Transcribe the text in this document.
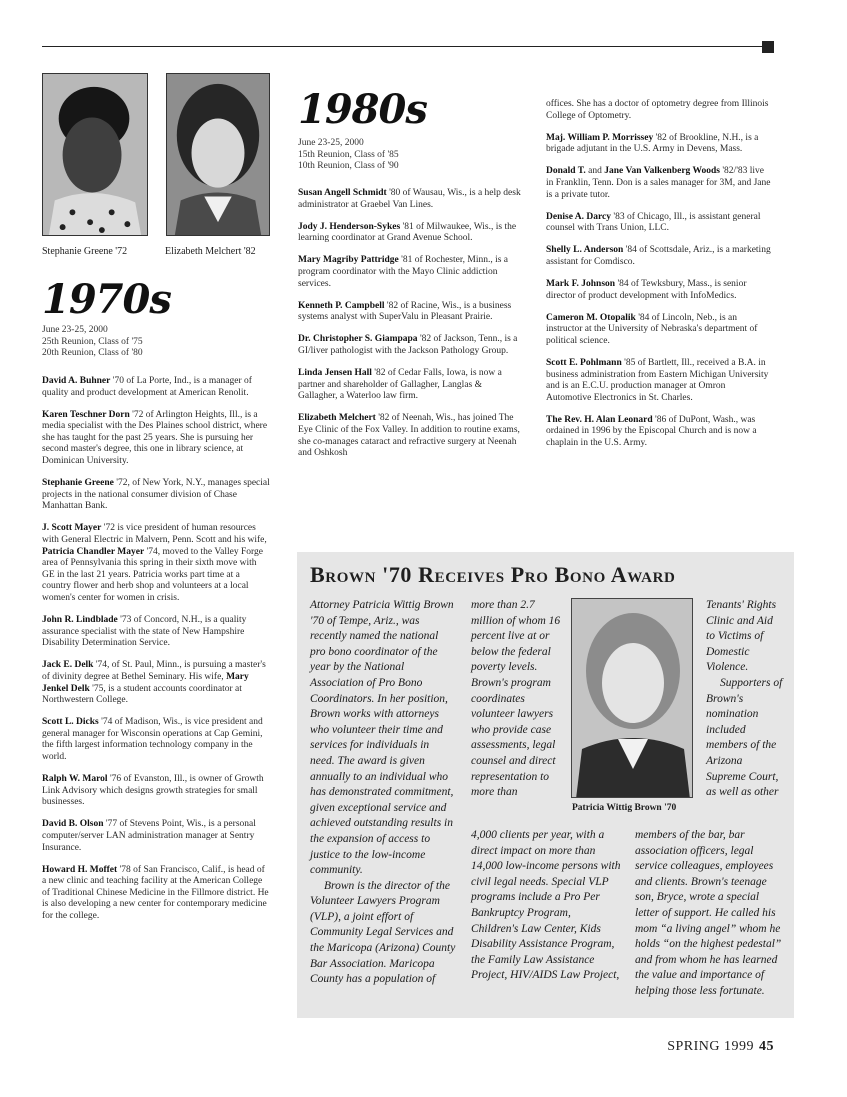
Stephanie Greene '72	Elizabeth Melchert '82
1970s
June 23-25, 2000
25th Reunion, Class of '75
20th Reunion, Class of '80

David A. Buhner '70 of La Porte, Ind., is a manager of quality and product development at American Renolit.

Karen Teschner Dorn '72 of Arlington Heights, Ill., is a media specialist with the Des Plaines school district, where she has taught for the past 25 years. She is pursuing her second master's degree, this one in library science, at Dominican University.

Stephanie Greene '72, of New York, N.Y., manages special projects in the national consumer division of Chase Manhattan Bank.

J. Scott Mayer '72 is vice president of human resources with General Electric in Malvern, Penn. Scott and his wife, Patricia Chandler Mayer '74, moved to the Valley Forge area of Pennsylvania this spring in their sixth move with GE in the last 21 years. Patricia works part time at a country flower and herb shop and volunteers at a local women's center for women in crisis.

John R. Lindblade '73 of Concord, N.H., is a quality assurance specialist with the state of New Hampshire Disability Determination Service.

Jack E. Delk '74, of St. Paul, Minn., is pursuing a master's of divinity degree at Bethel Seminary. His wife, Mary Jenkel Delk '75, is a student accounts coordinator at Northwestern College.

Scott L. Dicks '74 of Madison, Wis., is vice president and general manager for Wisconsin operations at Cap Gemini, the fifth largest information technology company in the world.

Ralph W. Marol '76 of Evanston, Ill., is owner of Growth Link Advisory which designs growth strategies for small businesses.

David B. Olson '77 of Stevens Point, Wis., is a personal computer/server LAN administration manager at Sentry Insurance.

Howard H. Moffet '78 of San Francisco, Calif., is head of a new clinic and teaching facility at the American College of Traditional Chinese Medicine in the Fillmore district. He is also developing a new center for contemporary medicine for the college.

1980s
June 23-25, 2000
15th Reunion, Class of '85
10th Reunion, Class of '90

Susan Angell Schmidt '80 of Wausau, Wis., is a help desk administrator at Graebel Van Lines.

Jody J. Henderson-Sykes '81 of Milwaukee, Wis., is the learning coordinator at Grand Avenue School.

Mary Magriby Pattridge '81 of Rochester, Minn., is a program coordinator with the Mayo Clinic addiction services.

Kenneth P. Campbell '82 of Racine, Wis., is a business systems analyst with SuperValu in Pleasant Prairie.

Dr. Christopher S. Giampapa '82 of Jackson, Tenn., is a GI/liver pathologist with the Jackson Pathology Group.

Linda Jensen Hall '82 of Cedar Falls, Iowa, is now a partner and shareholder of Gallagher, Langlas & Gallagher, a Waterloo law firm.

Elizabeth Melchert '82 of Neenah, Wis., has joined The Eye Clinic of the Fox Valley. In addition to routine exams, she co-manages cataract and refractive surgery at Neenah and Oshkosh

offices. She has a doctor of optometry degree from Illinois College of Optometry.

Maj. William P. Morrissey '82 of Brookline, N.H., is a brigade adjutant in the U.S. Army in Devens, Mass.

Donald T. and Jane Van Valkenberg Woods '82/'83 live in Franklin, Tenn. Don is a sales manager for 3M, and Jane is a private tutor.

Denise A. Darcy '83 of Chicago, Ill., is assistant general counsel with Trans Union, LLC.

Shelly L. Anderson '84 of Scottsdale, Ariz., is a marketing assistant for Comdisco.

Mark F. Johnson '84 of Tewksbury, Mass., is senior director of product development with InfoMedics.

Cameron M. Otopalik '84 of Lincoln, Neb., is an instructor at the University of Nebraska's department of political science.

Scott E. Pohlmann '85 of Bartlett, Ill., received a B.A. in business administration from Eastern Michigan University and is an E.C.U. production manager at Omron Automotive Electronics in St. Charles.

The Rev. H. Alan Leonard '86 of DuPont, Wash., was ordained in 1996 by the Episcopal Church and is now a chaplain in the U.S. Army.

Brown '70 Receives Pro Bono Award

Attorney Patricia Wittig Brown '70 of Tempe, Ariz., was recently named the national pro bono coordinator of the year by the National Association of Pro Bono Coordinators. In her position, Brown works with attorneys who volunteer their time and services for individuals in need. The award is given annually to an individual who has demonstrated commitment, given exceptional service and achieved outstanding results in the expansion of access to justice to the low-income community.

Brown is the director of the Volunteer Lawyers Program (VLP), a joint effort of Community Legal Services and the Maricopa (Arizona) County Bar Association. Maricopa County has a population of

more than 2.7 million of whom 16 percent live at or below the federal poverty levels. Brown's program coordinates volunteer lawyers who provide case assessments, legal counsel and direct representation to more than

4,000 clients per year, with a direct impact on more than 14,000 low-income persons with civil legal needs. Special VLP programs include a Pro Per Bankruptcy Program, Children's Law Center, Kids Disability Assistance Program, the Family Law Assistance Project, HIV/AIDS Law Project,

Patricia Wittig Brown '70

Tenants' Rights Clinic and Aid to Victims of Domestic Violence.

Supporters of Brown's nomination included members of the Arizona Supreme Court, as well as other

members of the bar, bar association officers, legal service colleagues, employees and clients. Brown's teenage son, Bryce, wrote a special letter of support. He called his mom “a living angel” whom he holds “on the highest pedestal” and from whom he has learned the value and importance of helping those less fortunate.

SPRING 1999 45
